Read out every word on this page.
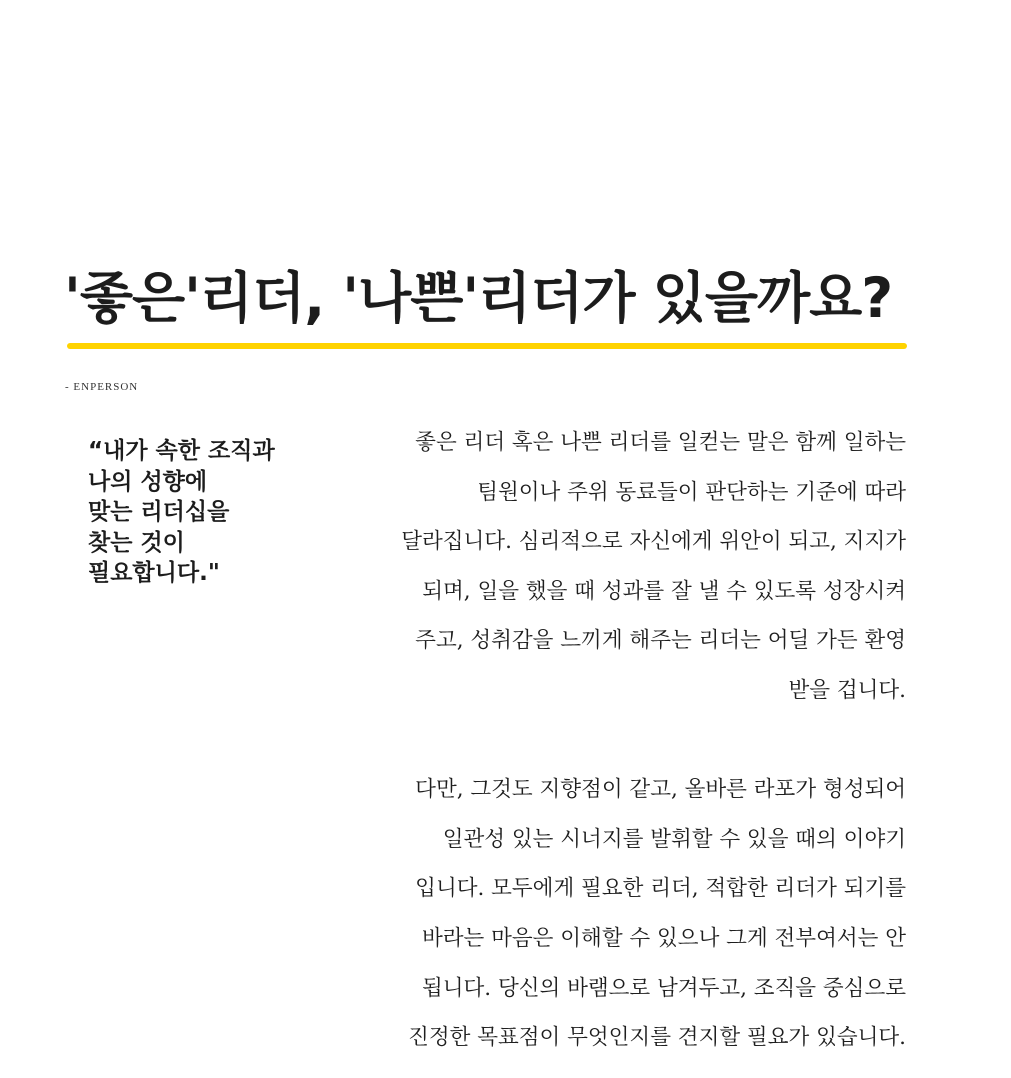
'좋은'리더, '나쁜'리더가 있을까요?
- ENPERSON
“내가 속한 조직과
나의 성향에
맞는 리더십을
찾는 것이
필요합니다."
좋은 리더 혹은 나쁜 리더를 일컫는 말은 함께 일하는
팀원이나 주위 동료들이 판단하는 기준에 따라
달라집니다. 심리적으로 자신에게 위안이 되고, 지지가
되며, 일을 했을 때 성과를 잘 낼 수 있도록 성장시켜
주고, 성취감을 느끼게 해주는 리더는 어딜 가든 환영
받을 겁니다.
다만, 그것도 지향점이 같고, 올바른 라포가 형성되어
일관성 있는 시너지를 발휘할 수 있을 때의 이야기
입니다. 모두에게 필요한 리더, 적합한 리더가 되기를
바라는 마음은 이해할 수 있으나 그게 전부여서는 안
됩니다. 당신의 바램으로 남겨두고, 조직을 중심으로
진정한 목표점이 무엇인지를 견지할 필요가 있습니다.
